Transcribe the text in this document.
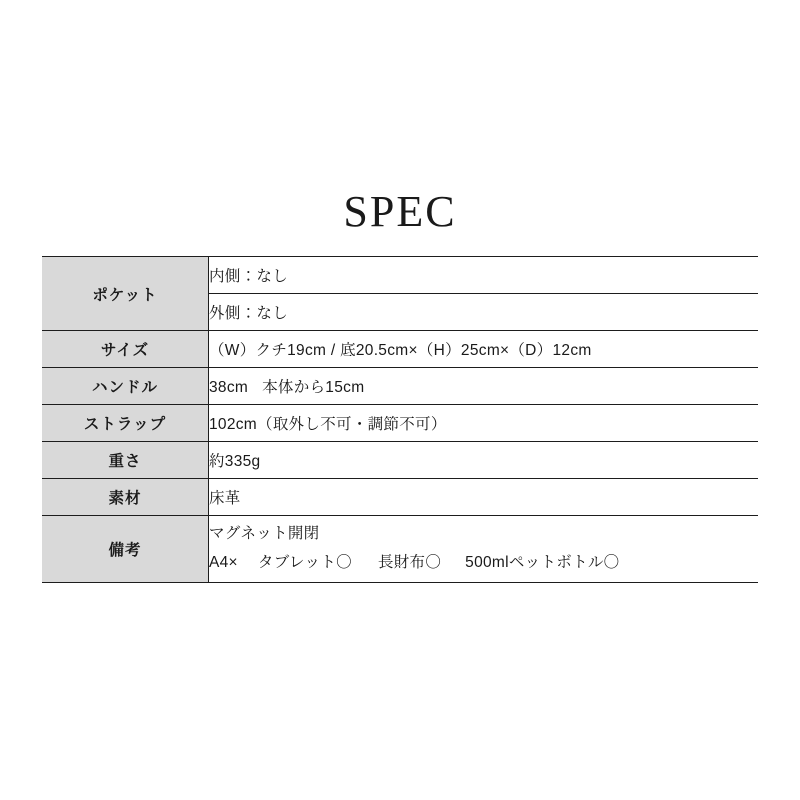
SPEC
ポケット	内側：なし
	外側：なし
サイズ	（W）クチ19cm / 底20.5cm×（H）25cm×（D）12cm
ハンドル	38cm 本体から15cm
ストラップ	102cm（取外し不可・調節不可）
重さ	約335g
素材	床革
備考	マグネット開閉
A4× タブレット〇 長財布〇 500mlペットボトル〇
